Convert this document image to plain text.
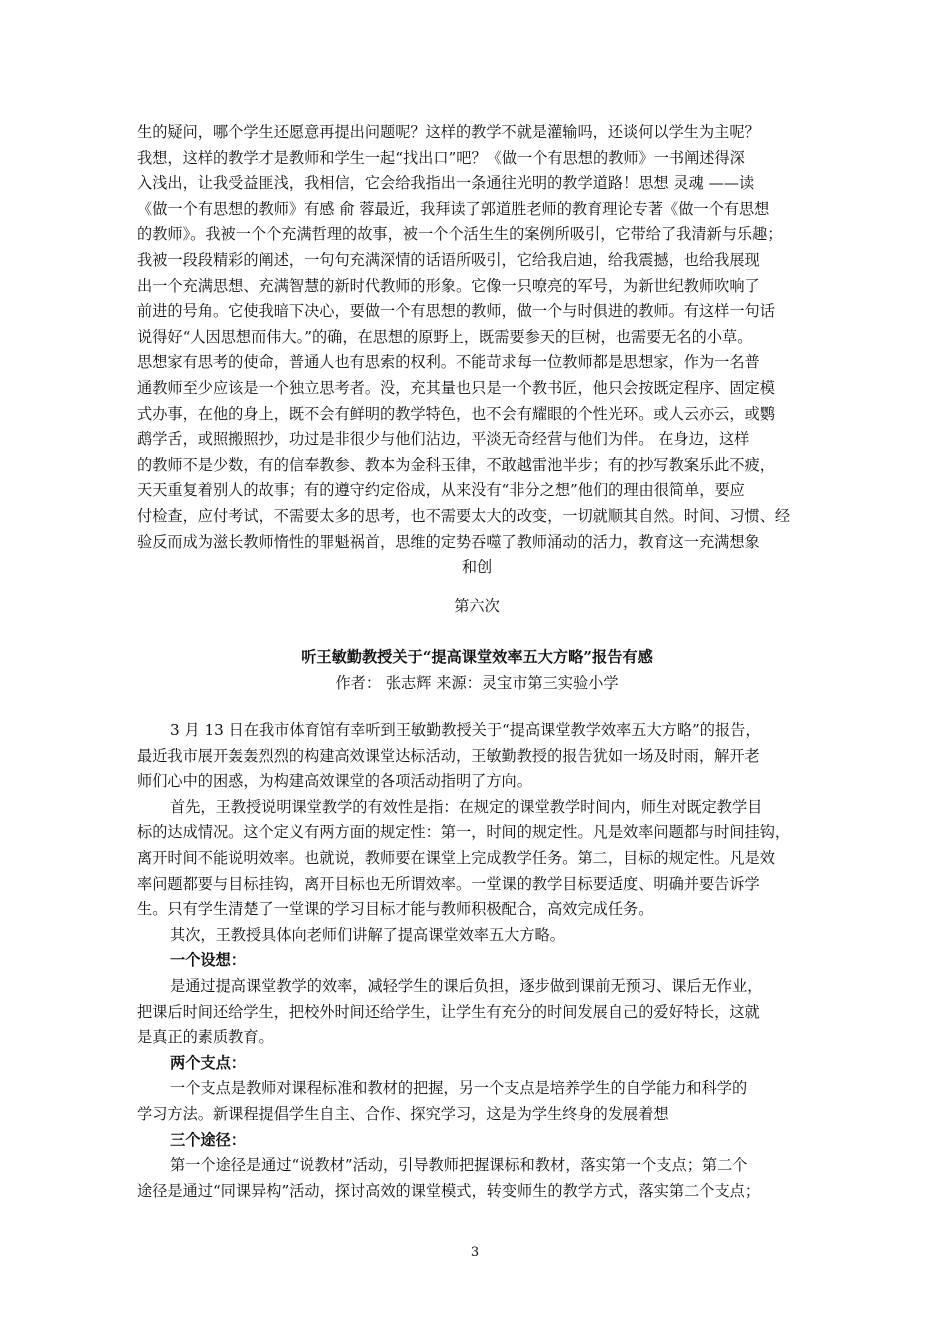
生的疑问，哪个学生还愿意再提出问题呢？这样的教学不就是灌输吗，还谈何以学生为主呢？
我想，这样的教学才是教师和学生一起“找出口”吧？《做一个有思想的教师》一书阐述得深
入浅出，让我受益匪浅，我相信，它会给我指出一条通往光明的教学道路！思想 灵魂 ——读
《做一个有思想的教师》有感 俞 蓉最近，我拜读了郭道胜老师的教育理论专著《做一个有思想
的教师》。我被一个个充满哲理的故事，被一个个活生生的案例所吸引，它带给了我清新与乐趣；
我被一段段精彩的阐述，一句句充满深情的话语所吸引，它给我启迪，给我震撼，也给我展现
出一个充满思想、充满智慧的新时代教师的形象。它像一只嘹亮的军号，为新世纪教师吹响了
前进的号角。它使我暗下决心，要做一个有思想的教师，做一个与时俱进的教师。有这样一句话
说得好“人因思想而伟大。”的确，在思想的原野上，既需要参天的巨树，也需要无名的小草。
思想家有思考的使命，普通人也有思索的权利。不能苛求每一位教师都是思想家，作为一名普
通教师至少应该是一个独立思考者。没，充其量也只是一个教书匠，他只会按既定程序、固定模
式办事，在他的身上，既不会有鲜明的教学特色，也不会有耀眼的个性光环。或人云亦云，或鹦
鹉学舌，或照搬照抄，功过是非很少与他们沾边，平淡无奇经营与他们为伴。 在身边，这样
的教师不是少数，有的信奉教参、教本为金科玉律，不敢越雷池半步；有的抄写教案乐此不疲，
天天重复着别人的故事；有的遵守约定俗成，从来没有“非分之想”他们的理由很简单，要应
付检查，应付考试，不需要太多的思考，也不需要太大的改变，一切就顺其自然。时间、习惯、经
验反而成为滋长教师惰性的罪魁祸首，思维的定势吞噬了教师涌动的活力，教育这一充满想象
和创
第六次
听王敏勤教授关于“提高课堂效率五大方略”报告有感
作者： 张志辉 来源：灵宝市第三实验小学
3 月 13 日在我市体育馆有幸听到王敏勤教授关于“提高课堂教学效率五大方略”的报告，
最近我市展开轰轰烈烈的构建高效课堂达标活动，王敏勤教授的报告犹如一场及时雨，解开老
师们心中的困惑，为构建高效课堂的各项活动指明了方向。
首先，王教授说明课堂教学的有效性是指：在规定的课堂教学时间内，师生对既定教学目
标的达成情况。这个定义有两方面的规定性：第一，时间的规定性。凡是效率问题都与时间挂钩，
离开时间不能说明效率。也就说，教师要在课堂上完成教学任务。第二，目标的规定性。凡是效
率问题都要与目标挂钩，离开目标也无所谓效率。一堂课的教学目标要适度、明确并要告诉学
生。只有学生清楚了一堂课的学习目标才能与教师积极配合，高效完成任务。
其次，王教授具体向老师们讲解了提高课堂效率五大方略。
一个设想：
是通过提高课堂教学的效率，减轻学生的课后负担，逐步做到课前无预习、课后无作业，
把课后时间还给学生，把校外时间还给学生，让学生有充分的时间发展自己的爱好特长，这就
是真正的素质教育。
两个支点：
一个支点是教师对课程标准和教材的把握，另一个支点是培养学生的自学能力和科学的
学习方法。新课程提倡学生自主、合作、探究学习，这是为学生终身的发展着想
三个途径：
第一个途径是通过“说教材”活动，引导教师把握课标和教材，落实第一个支点；第二个
途径是通过“同课异构”活动，探讨高效的课堂模式，转变师生的教学方式，落实第二个支点；
3
